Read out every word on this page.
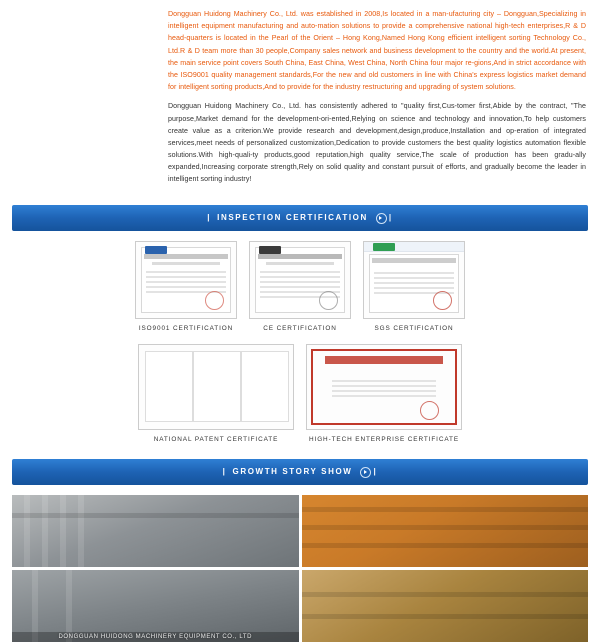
Dongguan Huidong Machinery Co., Ltd. was established in 2008,Is located in a man-ufacturing city – Dongguan,Specializing in intelligent equipment manufacturing and auto-mation solutions to provide a comprehensive national high-tech enterprises,R & D head-quarters is located in the Pearl of the Orient – Hong Kong,Named Hong Kong efficient intelligent sorting Technology Co., Ltd.R & D team more than 30 people,Company sales network and business development to the country and the world.At present, the main service point covers South China, East China, West China, North China four major re-gions,And in strict accordance with the ISO9001 quality management standards,For the new and old customers in line with China's express logistics market demand for intelligent sorting products,And to provide for the industry restructuring and upgrading of system solutions.

Dongguan Huidong Machinery Co., Ltd. has consistently adhered to "quality first,Cus-tomer first,Abide by the contract, "The purpose,Market demand for the development-ori-ented,Relying on science and technology and innovation,To help customers create value as a criterion.We provide research and development,design,produce,Installation and op-eration of integrated services,meet needs of personalized customization,Dedication to provide customers the best quality logistics automation flexible solutions.With high-quali-ty products,good reputation,high quality service,The scale of production has been gradu-ally expanded,Increasing corporate strength,Rely on solid quality and constant pursuit of efforts, and gradually become the leader in intelligent sorting industry!

| INSPECTION CERTIFICATION	|
ISO9001 CERTIFICATION	CE CERTIFICATION	SGS CERTIFICATION
NATIONAL PATENT CERTIFICATE	HIGH-TECH ENTERPRISE CERTIFICATE
| GROWTH STORY SHOW	|
DONGGUAN HUIDONG MACHINERY EQUIPMENT CO., LTD
